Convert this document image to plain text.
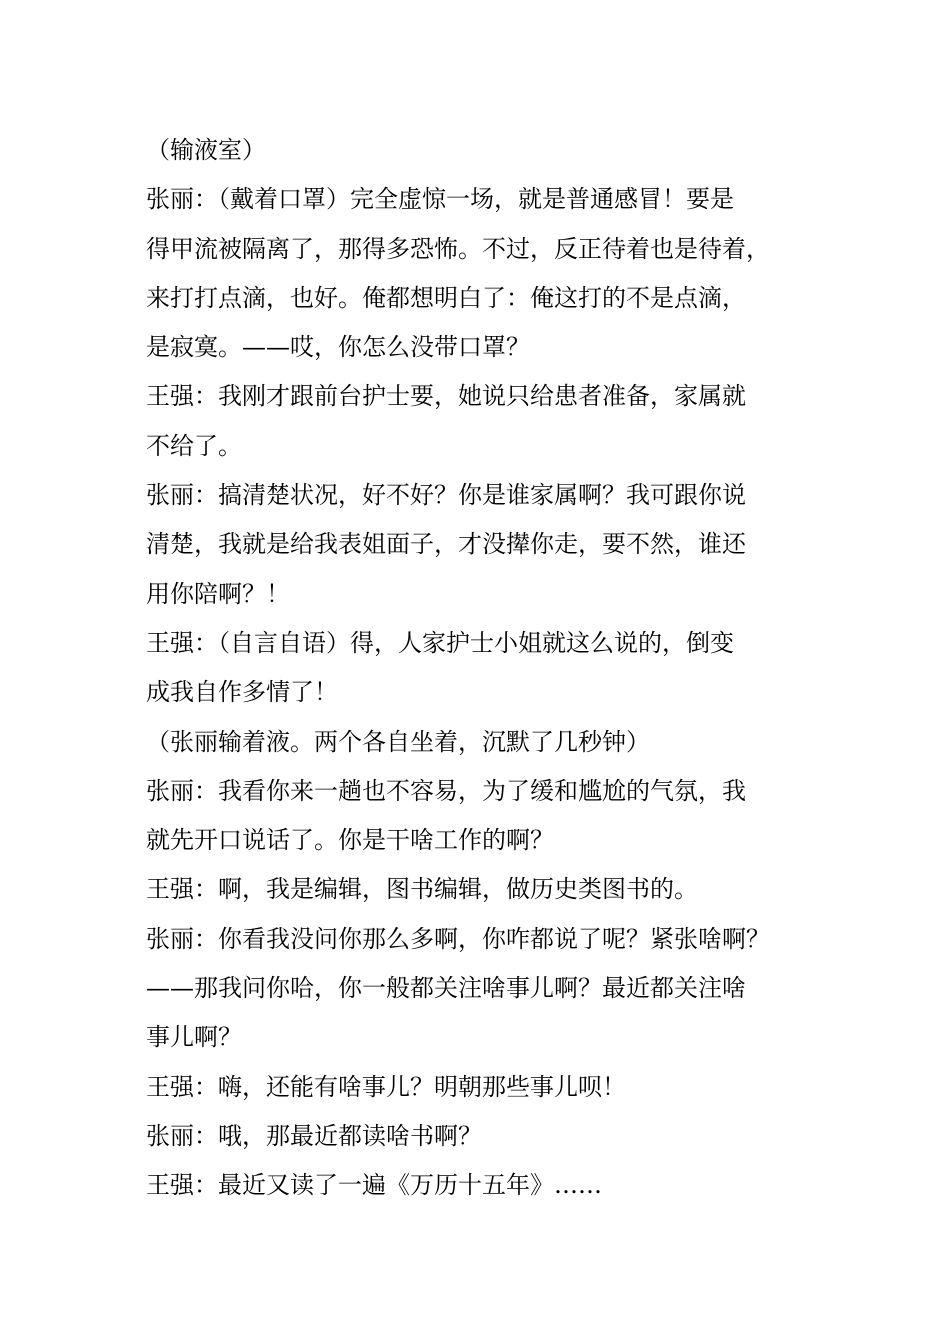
（输液室）
张丽：（戴着口罩）完全虚惊一场，就是普通感冒！要是
得甲流被隔离了，那得多恐怖。不过，反正待着也是待着，
来打打点滴，也好。俺都想明白了：俺这打的不是点滴，
是寂寞。——哎，你怎么没带口罩？
王强：我刚才跟前台护士要，她说只给患者准备，家属就
不给了。
张丽：搞清楚状况，好不好？你是谁家属啊？我可跟你说
清楚，我就是给我表姐面子，才没撵你走，要不然，谁还
用你陪啊？！
王强：（自言自语）得，人家护士小姐就这么说的，倒变
成我自作多情了！
（张丽输着液。两个各自坐着，沉默了几秒钟）
张丽：我看你来一趟也不容易，为了缓和尴尬的气氛，我
就先开口说话了。你是干啥工作的啊？
王强：啊，我是编辑，图书编辑，做历史类图书的。
张丽：你看我没问你那么多啊，你咋都说了呢？紧张啥啊？
——那我问你哈，你一般都关注啥事儿啊？最近都关注啥
事儿啊？
王强：嗨，还能有啥事儿？明朝那些事儿呗！
张丽：哦，那最近都读啥书啊？
王强：最近又读了一遍《万历十五年》……
